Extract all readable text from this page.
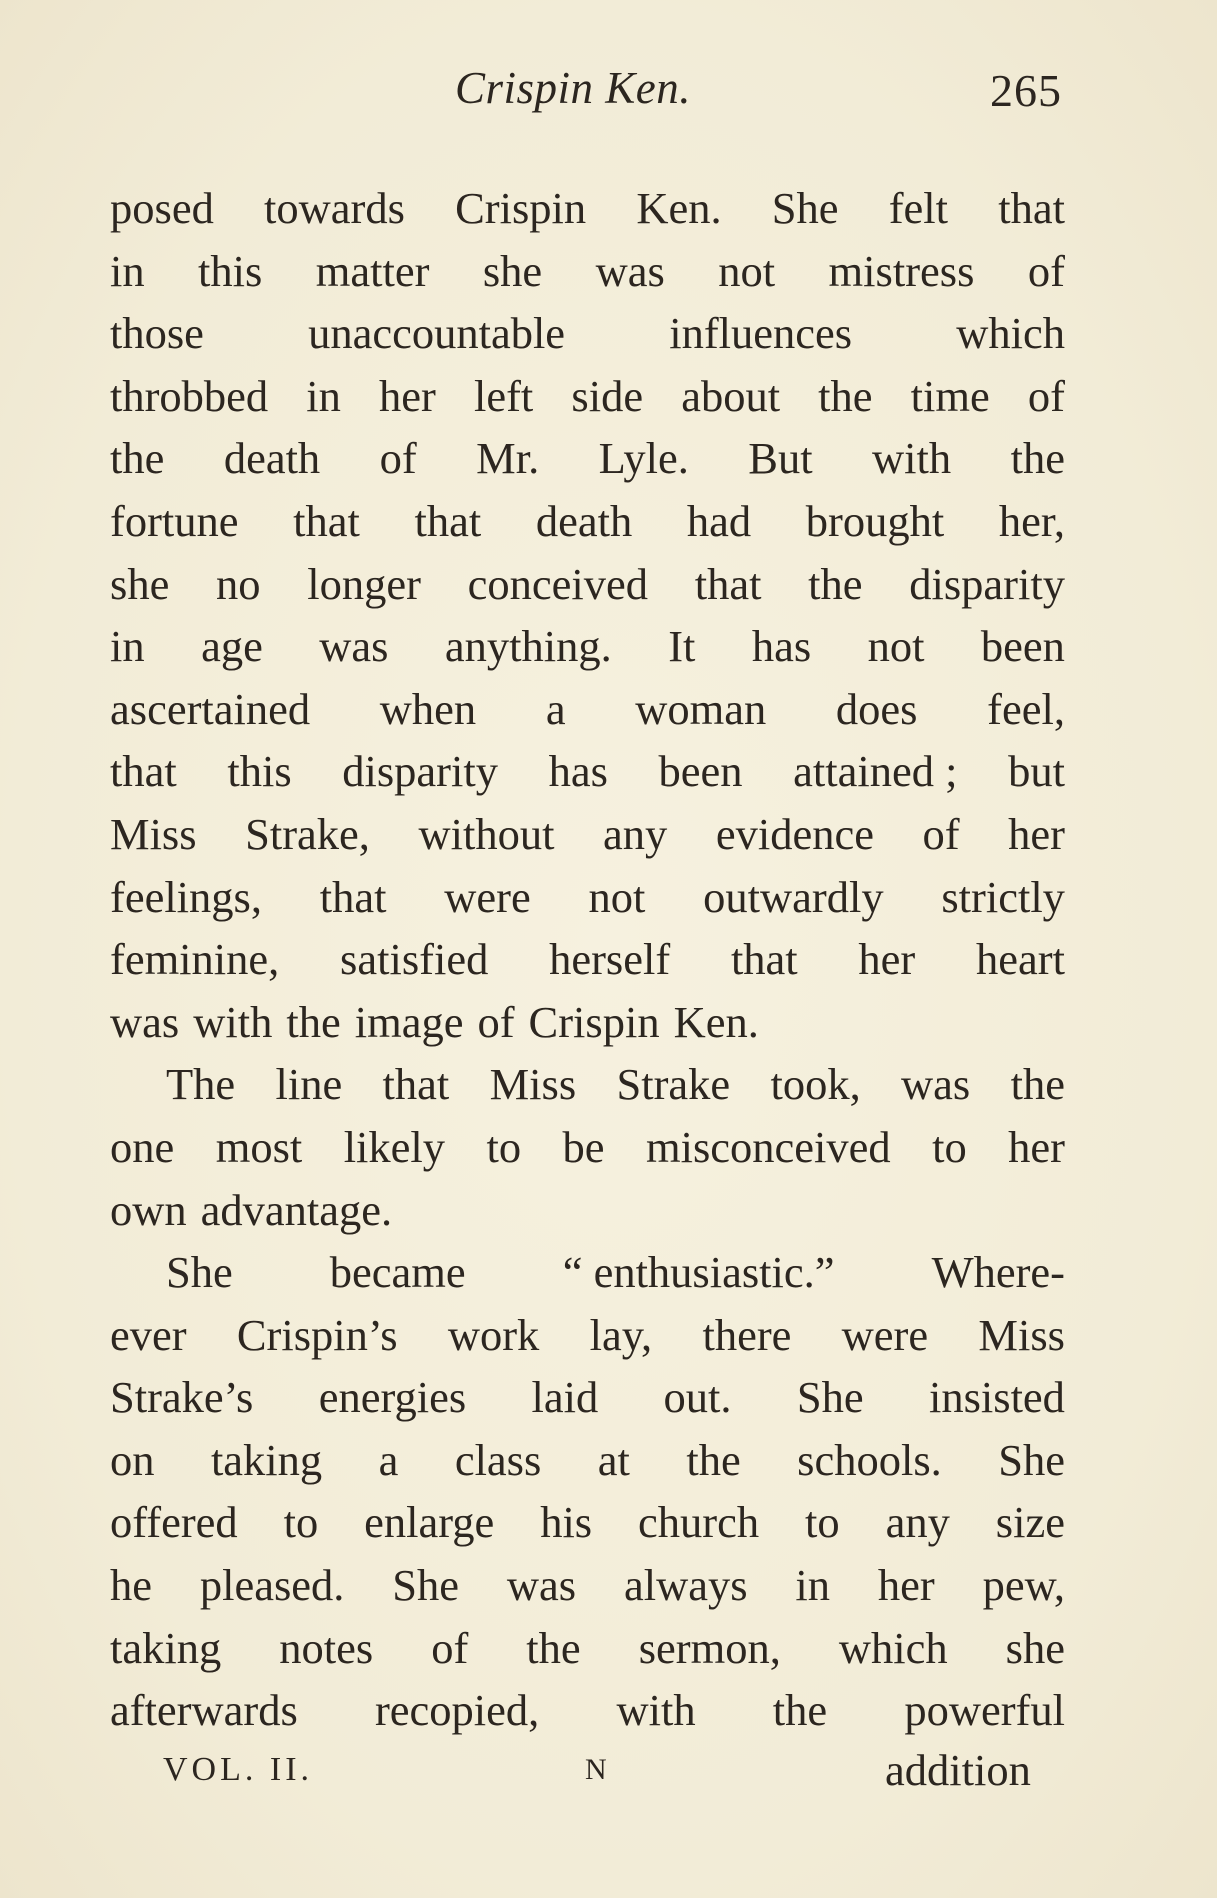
Crispin Ken.	265
posed towards Crispin Ken. She felt that
in this matter she was not mistress of
those unaccountable influences which
throbbed in her left side about the time of
the death of Mr. Lyle. But with the
fortune that that death had brought her,
she no longer conceived that the disparity
in age was anything. It has not been
ascertained when a woman does feel,
that this disparity has been attained ; but
Miss Strake, without any evidence of her
feelings, that were not outwardly strictly
feminine, satisfied herself that her heart
was with the image of Crispin Ken.
The line that Miss Strake took, was the
one most likely to be misconceived to her
own advantage.
She became “ enthusiastic.” Where-
ever Crispin’s work lay, there were Miss
Strake’s energies laid out. She insisted
on taking a class at the schools. She
offered to enlarge his church to any size
he pleased. She was always in her pew,
taking notes of the sermon, which she
afterwards recopied, with the powerful
VOL. II.	N	addition
